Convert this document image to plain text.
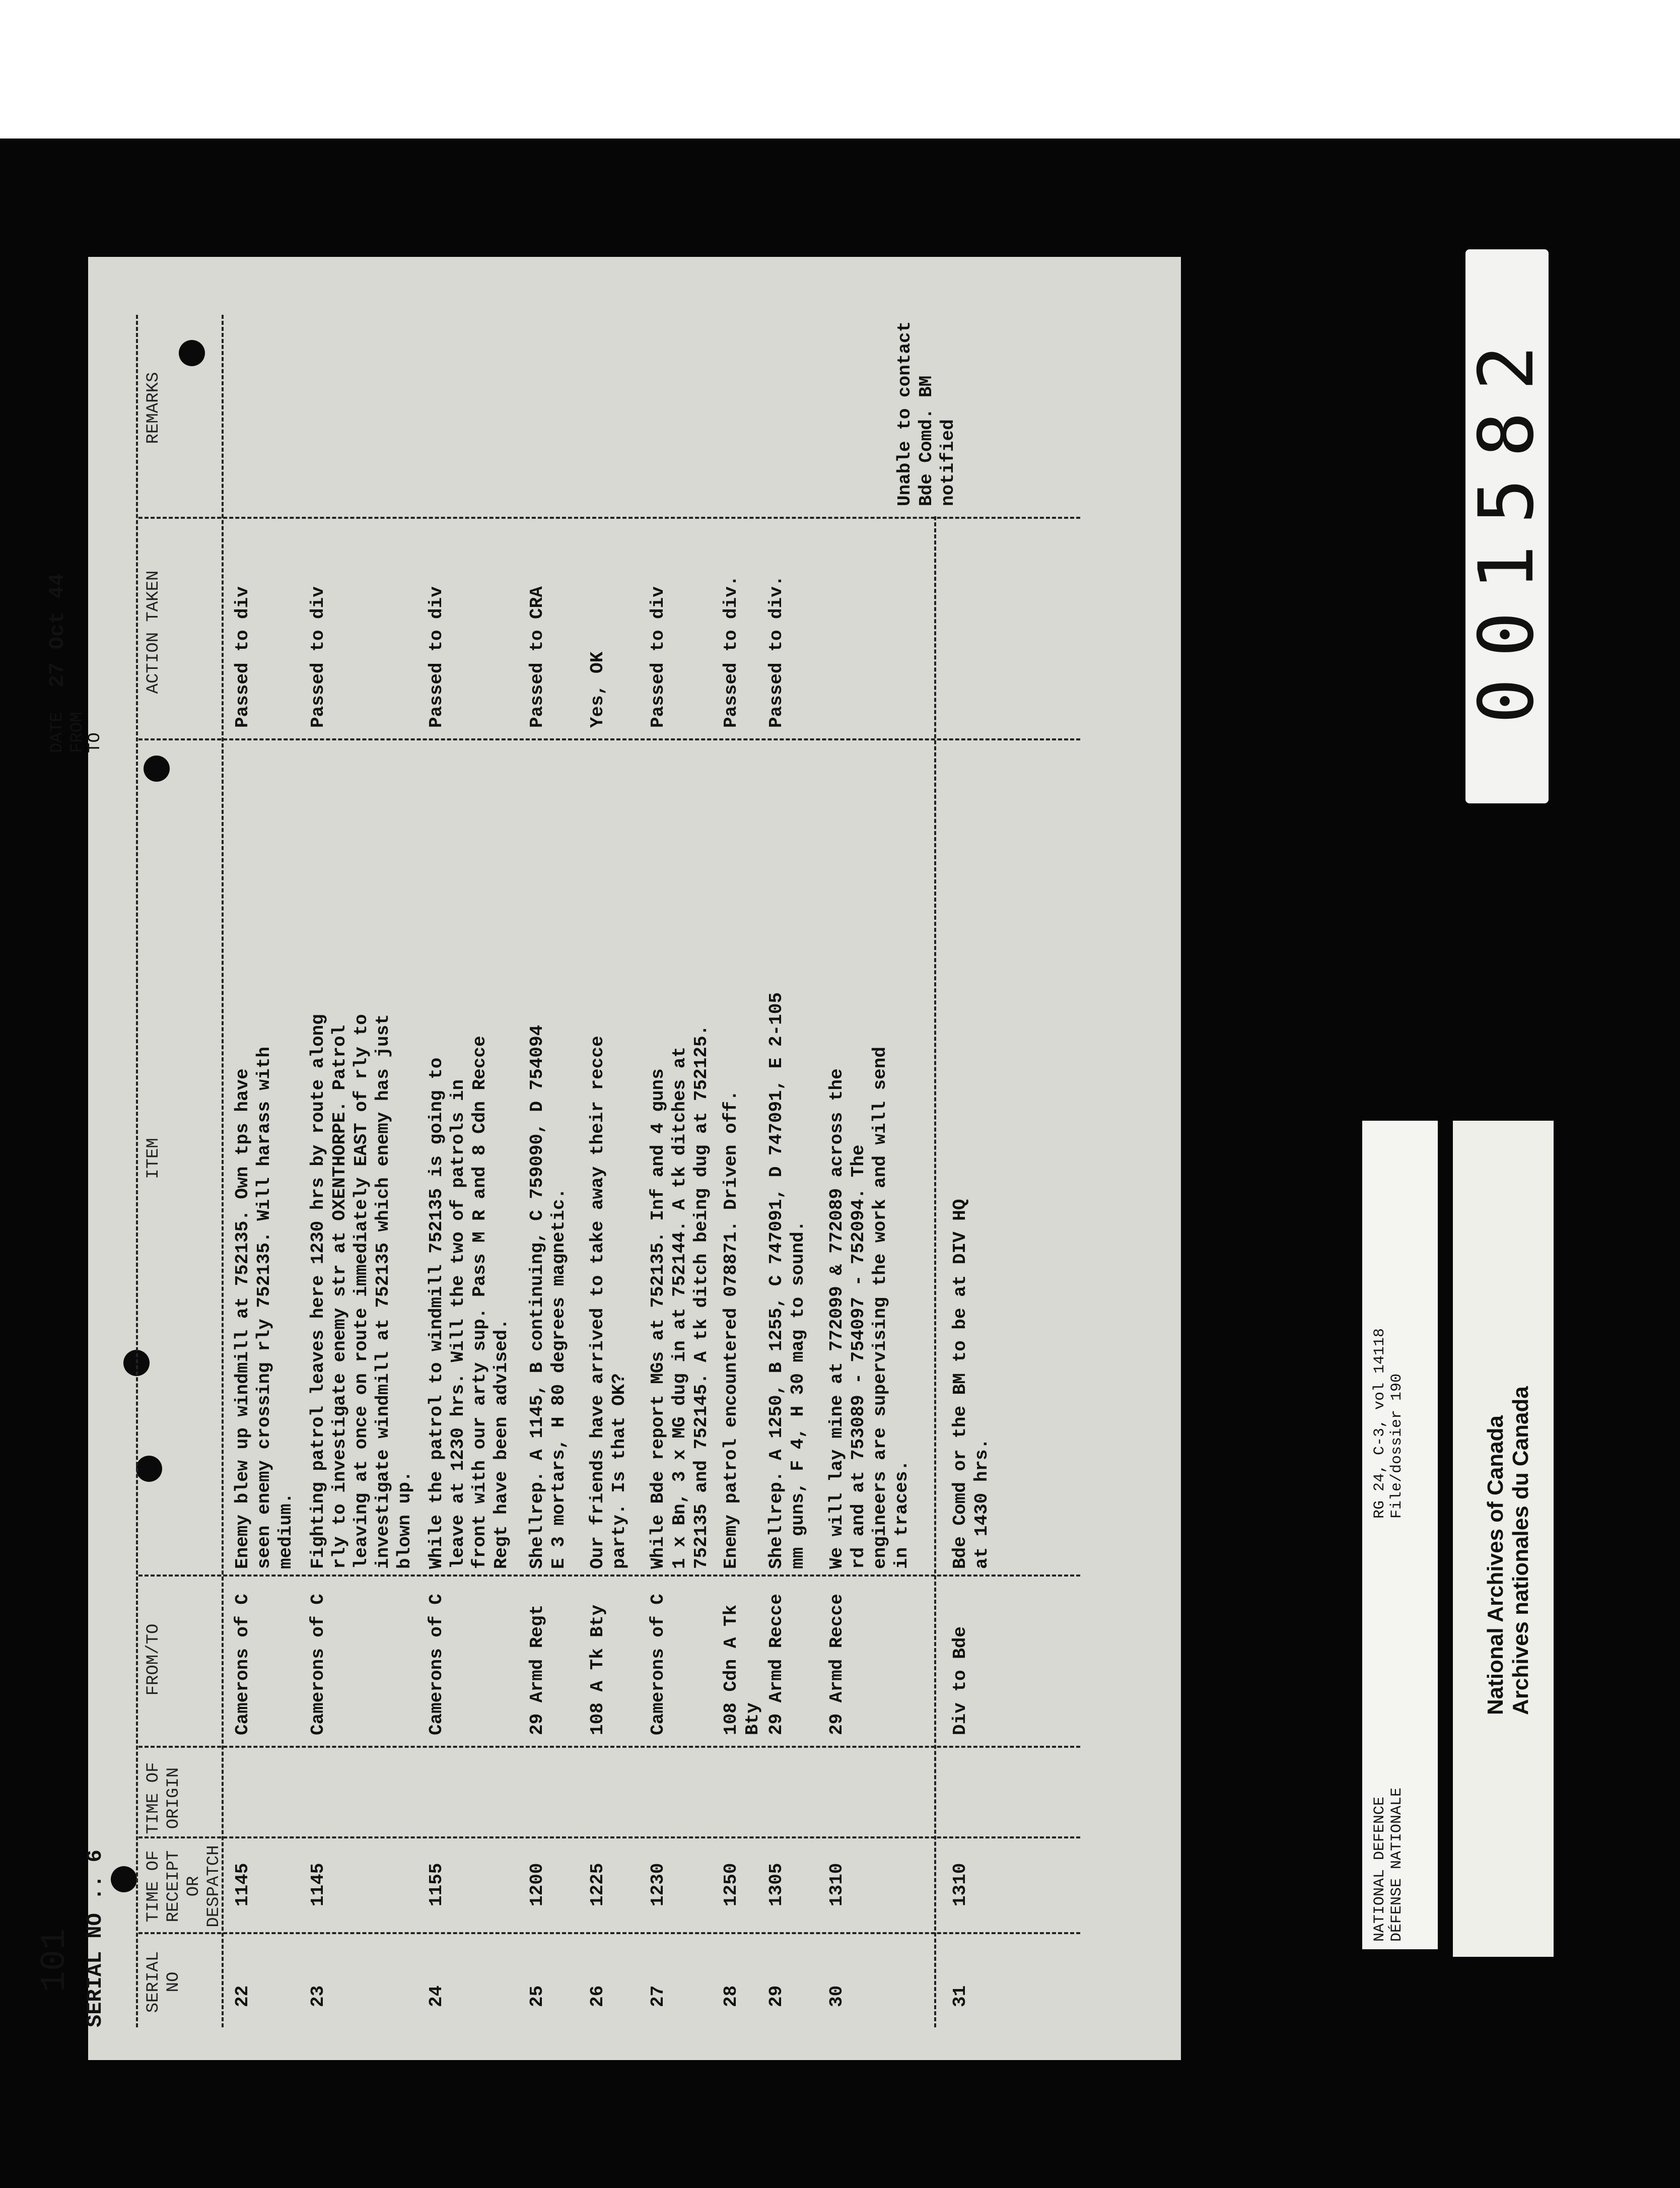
SERIAL NO .. 6
101
DATE
27 Oct 44
FROM
TO
SERIAL NO
TIME OF RECEIPT OR DESPATCH
TIME OF ORIGIN
FROM/TO
ITEM
ACTION TAKEN
REMARKS
22
1145
Camerons of C
Enemy blew up windmill at 752135. Own tps have
seen enemy crossing rly 752135. Will harass with
medium.
Passed to div
23
1145
Camerons of C
Fighting patrol leaves here 1230 hrs by route along
rly to investigate enemy str at OXENTHORPE. Patrol
leaving at once on route immediately EAST of rly to
investigate windmill at 752135 which enemy has just
blown up.
Passed to div
24
1155
Camerons of C
While the patrol to windmill 752135 is going to
leave at 1230 hrs. Will the two of patrols in
front with our arty sup. Pass M R and 8 Cdn Recce
Regt have been advised.
Passed to div
25
1200
29 Armd Regt
Shellrep. A 1145, B continuing, C 759090, D 754094
E 3 mortars, H 80 degrees magnetic.
Passed to CRA
26
1225
108 A Tk Bty
Our friends have arrived to take away their recce
party. Is that OK?
Yes, OK
27
1230
Camerons of C
While Bde report MGs at 752135. Inf and 4 guns
1 x Bn, 3 x MG dug in at 752144. A tk ditches at
752135 and 752145. A tk ditch being dug at 752125.
Passed to div
28
1250
108 Cdn A Tk
Bty
Enemy patrol encountered 078871. Driven off.
Passed to div.
29
1305
29 Armd Recce
Shellrep. A 1250, B 1255, C 747091, D 747091, E 2-105
mm guns, F 4, H 30 mag to sound.
Passed to div.
30
1310
29 Armd Recce
We will lay mine at 772099 & 772089 across the
rd and at 753089 - 754097 - 752094. The
engineers are supervising the work and will send
in traces.
31
1310
Div to Bde
Bde Comd or the BM to be at DIV HQ
at 1430 hrs.
Unable to contact
Bde Comd. BM notified	001582
NATIONAL DEFENCE DÉFENSE NATIONALE
RG 24, C-3, vol 14118 File/dossier 190	National Archives of Canada Archives nationales du Canada
